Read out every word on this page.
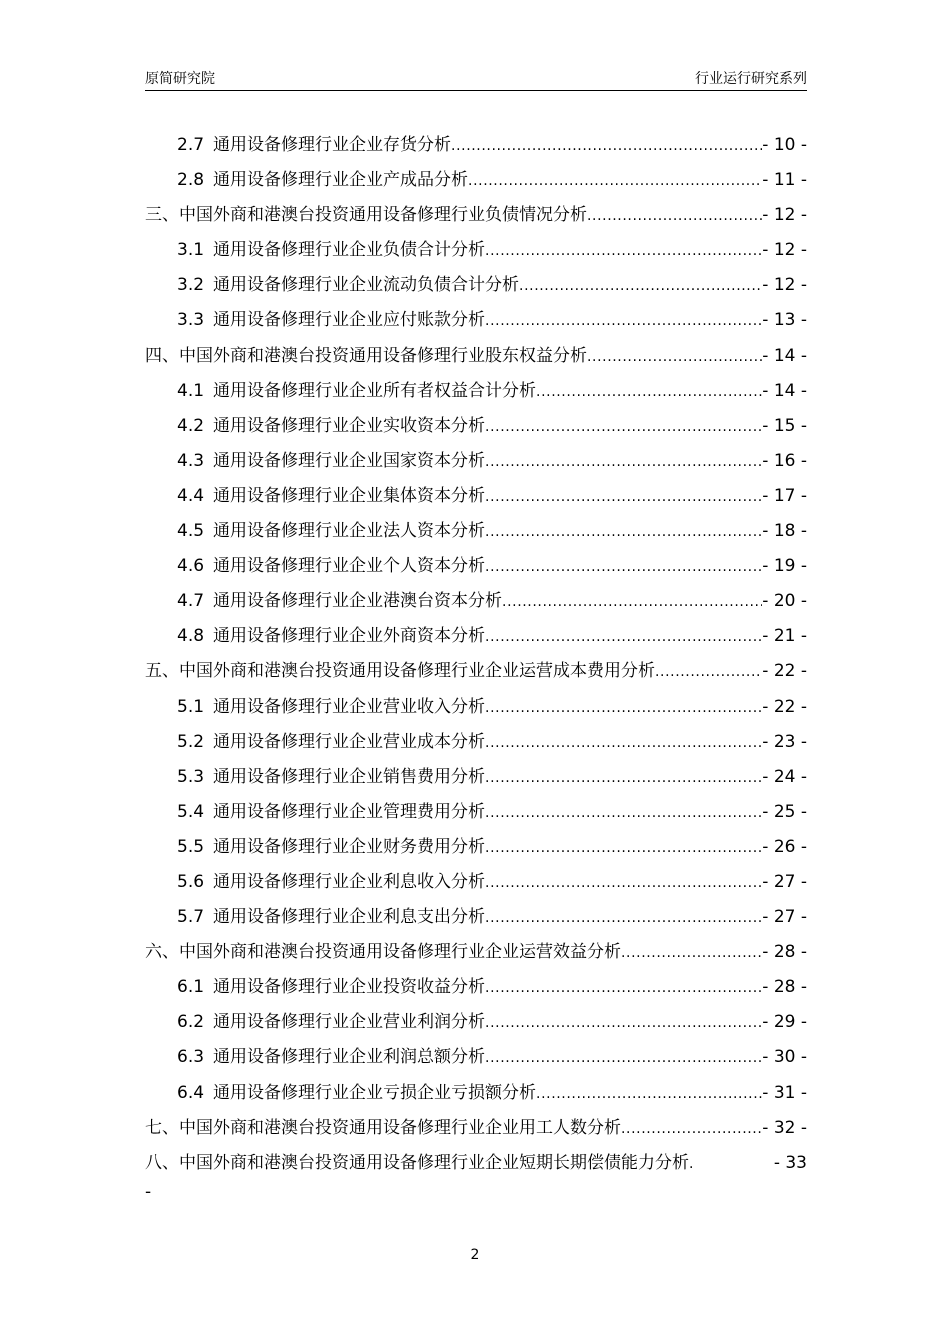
原简研究院	行业运行研究系列
2.7 通用设备修理行业企业存货分析 .....	- 10 -
2.8 通用设备修理行业企业产成品分析 .....	- 11 -
三、中国外商和港澳台投资通用设备修理行业负债情况分析 .....	- 12 -
3.1 通用设备修理行业企业负债合计分析 .....	- 12 -
3.2 通用设备修理行业企业流动负债合计分析 .....	- 12 -
3.3 通用设备修理行业企业应付账款分析 .....	- 13 -
四、中国外商和港澳台投资通用设备修理行业股东权益分析 .....	- 14 -
4.1 通用设备修理行业企业所有者权益合计分析 .....	- 14 -
4.2 通用设备修理行业企业实收资本分析 .....	- 15 -
4.3 通用设备修理行业企业国家资本分析 .....	- 16 -
4.4 通用设备修理行业企业集体资本分析 .....	- 17 -
4.5 通用设备修理行业企业法人资本分析 .....	- 18 -
4.6 通用设备修理行业企业个人资本分析 .....	- 19 -
4.7 通用设备修理行业企业港澳台资本分析 .....	- 20 -
4.8 通用设备修理行业企业外商资本分析 .....	- 21 -
五、中国外商和港澳台投资通用设备修理行业企业运营成本费用分析 .....	- 22 -
5.1 通用设备修理行业企业营业收入分析 .....	- 22 -
5.2 通用设备修理行业企业营业成本分析 .....	- 23 -
5.3 通用设备修理行业企业销售费用分析 .....	- 24 -
5.4 通用设备修理行业企业管理费用分析 .....	- 25 -
5.5 通用设备修理行业企业财务费用分析 .....	- 26 -
5.6 通用设备修理行业企业利息收入分析 .....	- 27 -
5.7 通用设备修理行业企业利息支出分析 .....	- 27 -
六、中国外商和港澳台投资通用设备修理行业企业运营效益分析 .....	- 28 -
6.1 通用设备修理行业企业投资收益分析 .....	- 28 -
6.2 通用设备修理行业企业营业利润分析 .....	- 29 -
6.3 通用设备修理行业企业利润总额分析 .....	- 30 -
6.4 通用设备修理行业企业亏损企业亏损额分析 .....	- 31 -
七、中国外商和港澳台投资通用设备修理行业企业用工人数分析 .....	- 32 -
八、中国外商和港澳台投资通用设备修理行业企业短期长期偿债能力分析 .	- 33
-
2
